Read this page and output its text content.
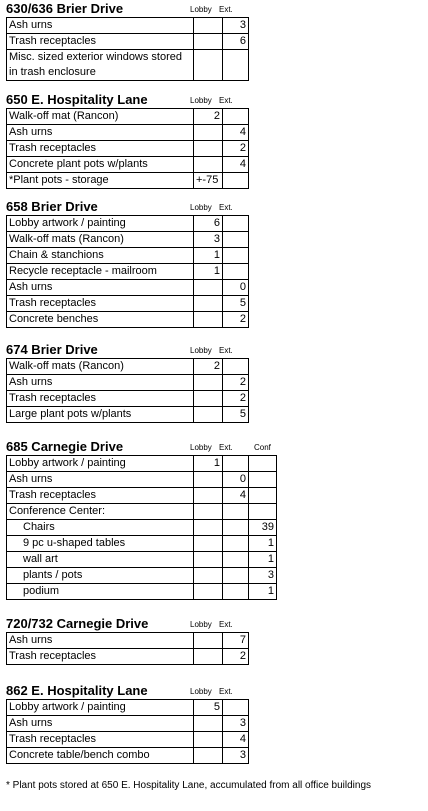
630/636 Brier Drive	Lobby Ext.
Ash urns		3
Trash receptacles		6
Misc. sized exterior windows stored in trash enclosure		
650 E. Hospitality Lane	Lobby Ext.
Walk-off mat (Rancon)	2	
Ash urns		4
Trash receptacles		2
Concrete plant pots w/plants		4
*Plant pots - storage	+-75	
658 Brier Drive	Lobby Ext.
Lobby artwork / painting	6	
Walk-off mats (Rancon)	3	
Chain & stanchions	1	
Recycle receptacle - mailroom	1	
Ash urns		0
Trash receptacles		5
Concrete benches		2
674 Brier Drive	Lobby Ext.
Walk-off mats (Rancon)	2	
Ash urns		2
Trash receptacles		2
Large plant pots w/plants		5
685 Carnegie Drive	Lobby Ext.	Conf
Lobby artwork / painting	1		
Ash urns		0	
Trash receptacles		4	
Conference Center:			
Chairs			39
9 pc u-shaped tables			1
wall art			1
plants / pots			3
podium			1
720/732 Carnegie Drive	Lobby Ext.
Ash urns		7
Trash receptacles		2
862 E. Hospitality Lane	Lobby Ext.
Lobby artwork / painting	5	
Ash urns		3
Trash receptacles		4
Concrete table/bench combo		3
* Plant pots stored at 650 E. Hospitality Lane, accumulated from all office buildings
